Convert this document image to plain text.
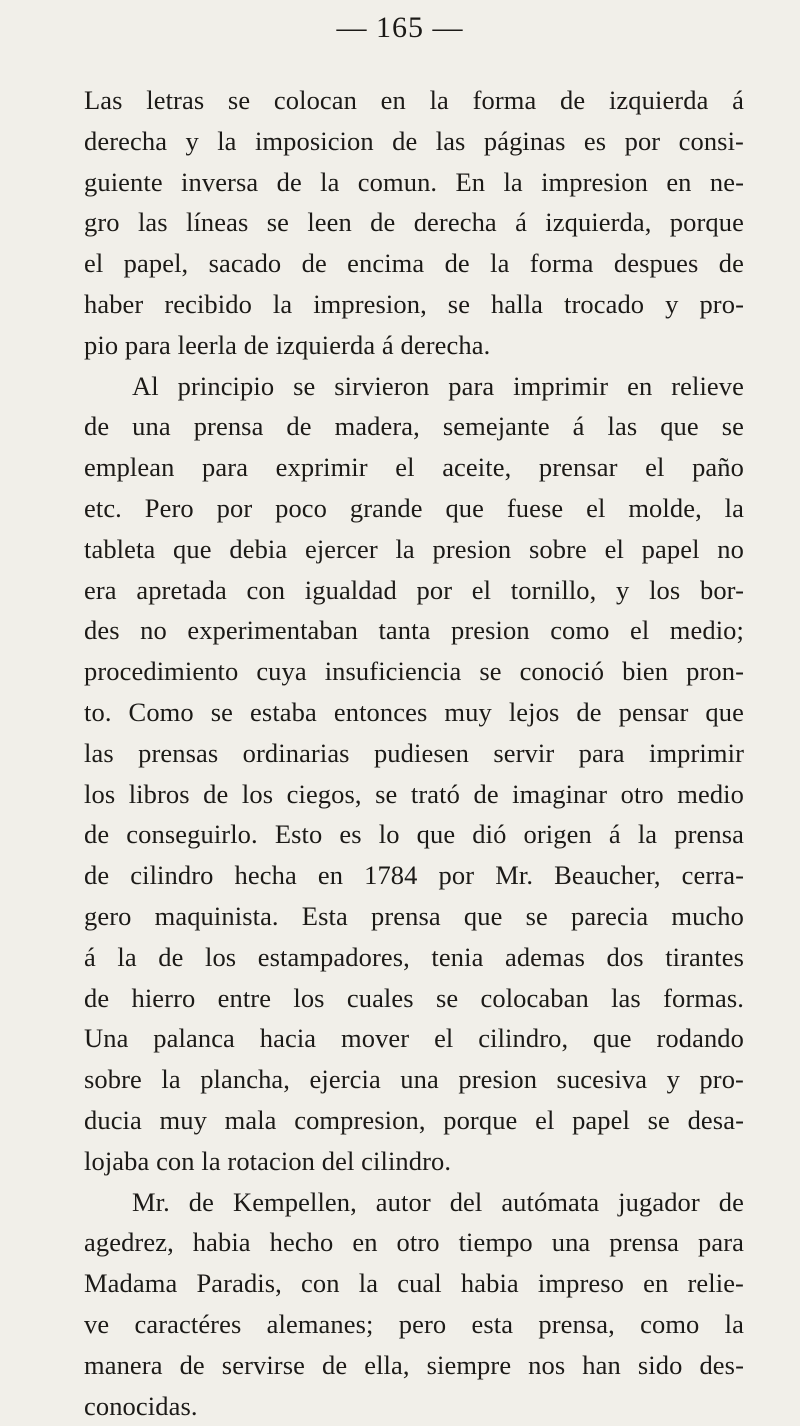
— 165 —
Las letras se colocan en la forma de izquierda á
derecha y la imposicion de las páginas es por consi-
guiente inversa de la comun. En la impresion en ne-
gro las líneas se leen de derecha á izquierda, porque
el papel, sacado de encima de la forma despues de
haber recibido la impresion, se halla trocado y pro-
pio para leerla de izquierda á derecha.
Al principio se sirvieron para imprimir en relieve
de una prensa de madera, semejante á las que se
emplean para exprimir el aceite, prensar el paño
etc. Pero por poco grande que fuese el molde, la
tableta que debia ejercer la presion sobre el papel no
era apretada con igualdad por el tornillo, y los bor-
des no experimentaban tanta presion como el medio;
procedimiento cuya insuficiencia se conoció bien pron-
to. Como se estaba entonces muy lejos de pensar que
las prensas ordinarias pudiesen servir para imprimir
los libros de los ciegos, se trató de imaginar otro medio
de conseguirlo. Esto es lo que dió origen á la prensa
de cilindro hecha en 1784 por Mr. Beaucher, cerra-
gero maquinista. Esta prensa que se parecia mucho
á la de los estampadores, tenia ademas dos tirantes
de hierro entre los cuales se colocaban las formas.
Una palanca hacia mover el cilindro, que rodando
sobre la plancha, ejercia una presion sucesiva y pro-
ducia muy mala compresion, porque el papel se desa-
lojaba con la rotacion del cilindro.
Mr. de Kempellen, autor del autómata jugador de
agedrez, habia hecho en otro tiempo una prensa para
Madama Paradis, con la cual habia impreso en relie-
ve caractéres alemanes; pero esta prensa, como la
manera de servirse de ella, siempre nos han sido des-
conocidas.
